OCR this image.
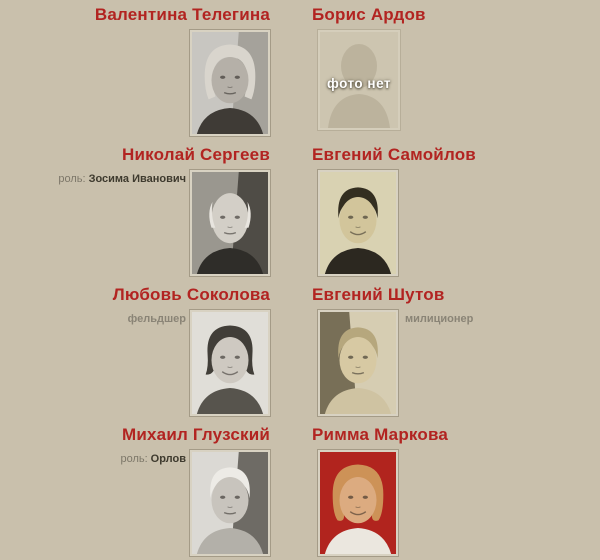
Валентина Телегина Борис Ардов
фото нет
Николай Сергеев
роль: Зосима Иванович
Евгений Самойлов
Любовь Соколова
фельдшер
Евгений Шутов
милиционер
Михаил Глузский
роль: Орлов
Римма Маркова
